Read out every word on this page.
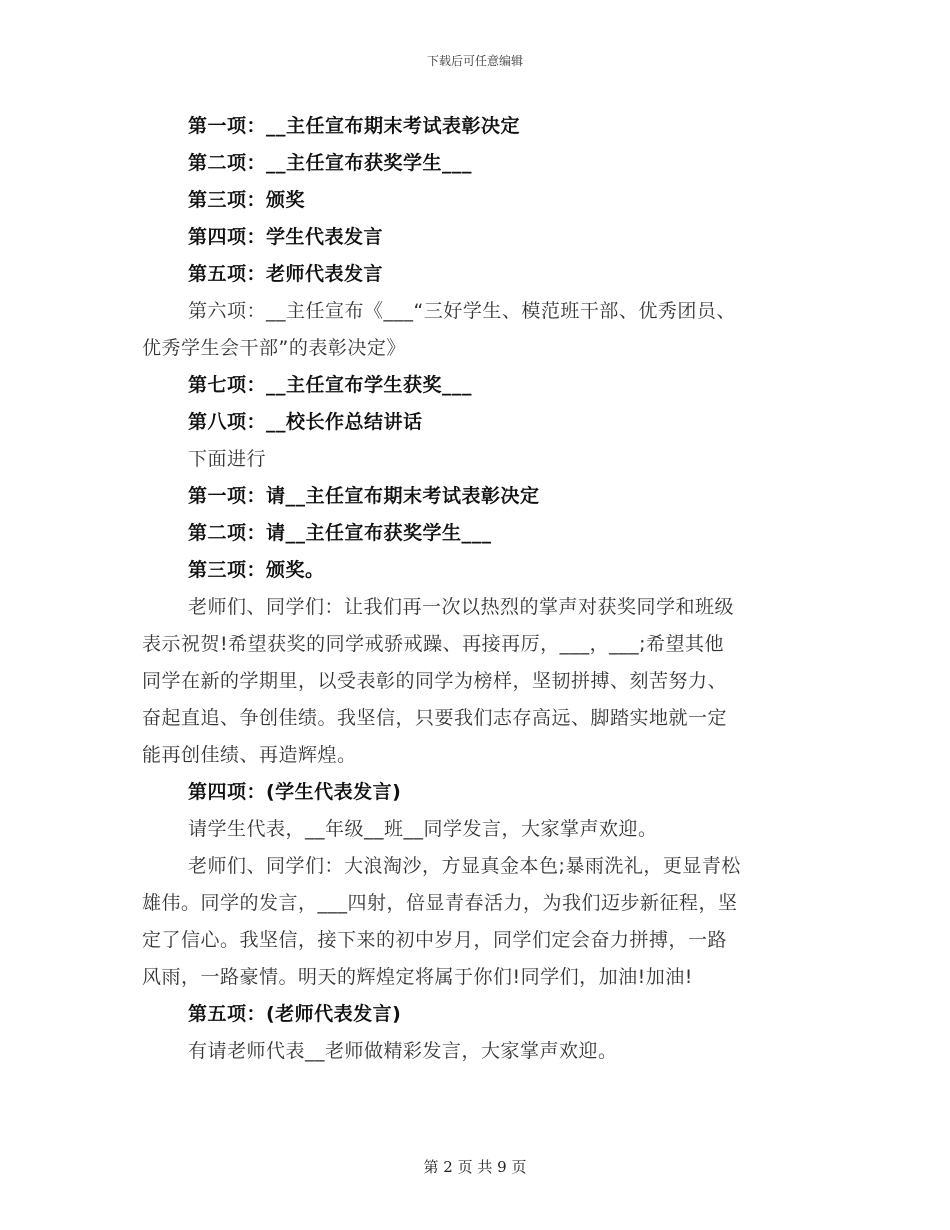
下载后可任意编辑
第一项：__主任宣布期末考试表彰决定
第二项：__主任宣布获奖学生___
第三项：颁奖
第四项：学生代表发言
第五项：老师代表发言
第六项：__主任宣布《___“三好学生、模范班干部、优秀团员、
优秀学生会干部”的表彰决定》
第七项：__主任宣布学生获奖___
第八项：__校长作总结讲话
下面进行
第一项：请__主任宣布期末考试表彰决定
第二项：请__主任宣布获奖学生___
第三项：颁奖。
老师们、同学们：让我们再一次以热烈的掌声对获奖同学和班级
表示祝贺!希望获奖的同学戒骄戒躁、再接再厉，___，___;希望其他
同学在新的学期里，以受表彰的同学为榜样，坚韧拼搏、刻苦努力、
奋起直追、争创佳绩。我坚信，只要我们志存高远、脚踏实地就一定
能再创佳绩、再造辉煌。
第四项：(学生代表发言)
请学生代表，__年级__班__同学发言，大家掌声欢迎。
老师们、同学们：大浪淘沙，方显真金本色;暴雨洗礼，更显青松
雄伟。同学的发言，___四射，倍显青春活力，为我们迈步新征程，坚
定了信心。我坚信，接下来的初中岁月，同学们定会奋力拼搏，一路
风雨，一路豪情。明天的辉煌定将属于你们!同学们，加油!加油!
第五项：(老师代表发言)
有请老师代表__老师做精彩发言，大家掌声欢迎。
第 2 页 共 9 页
